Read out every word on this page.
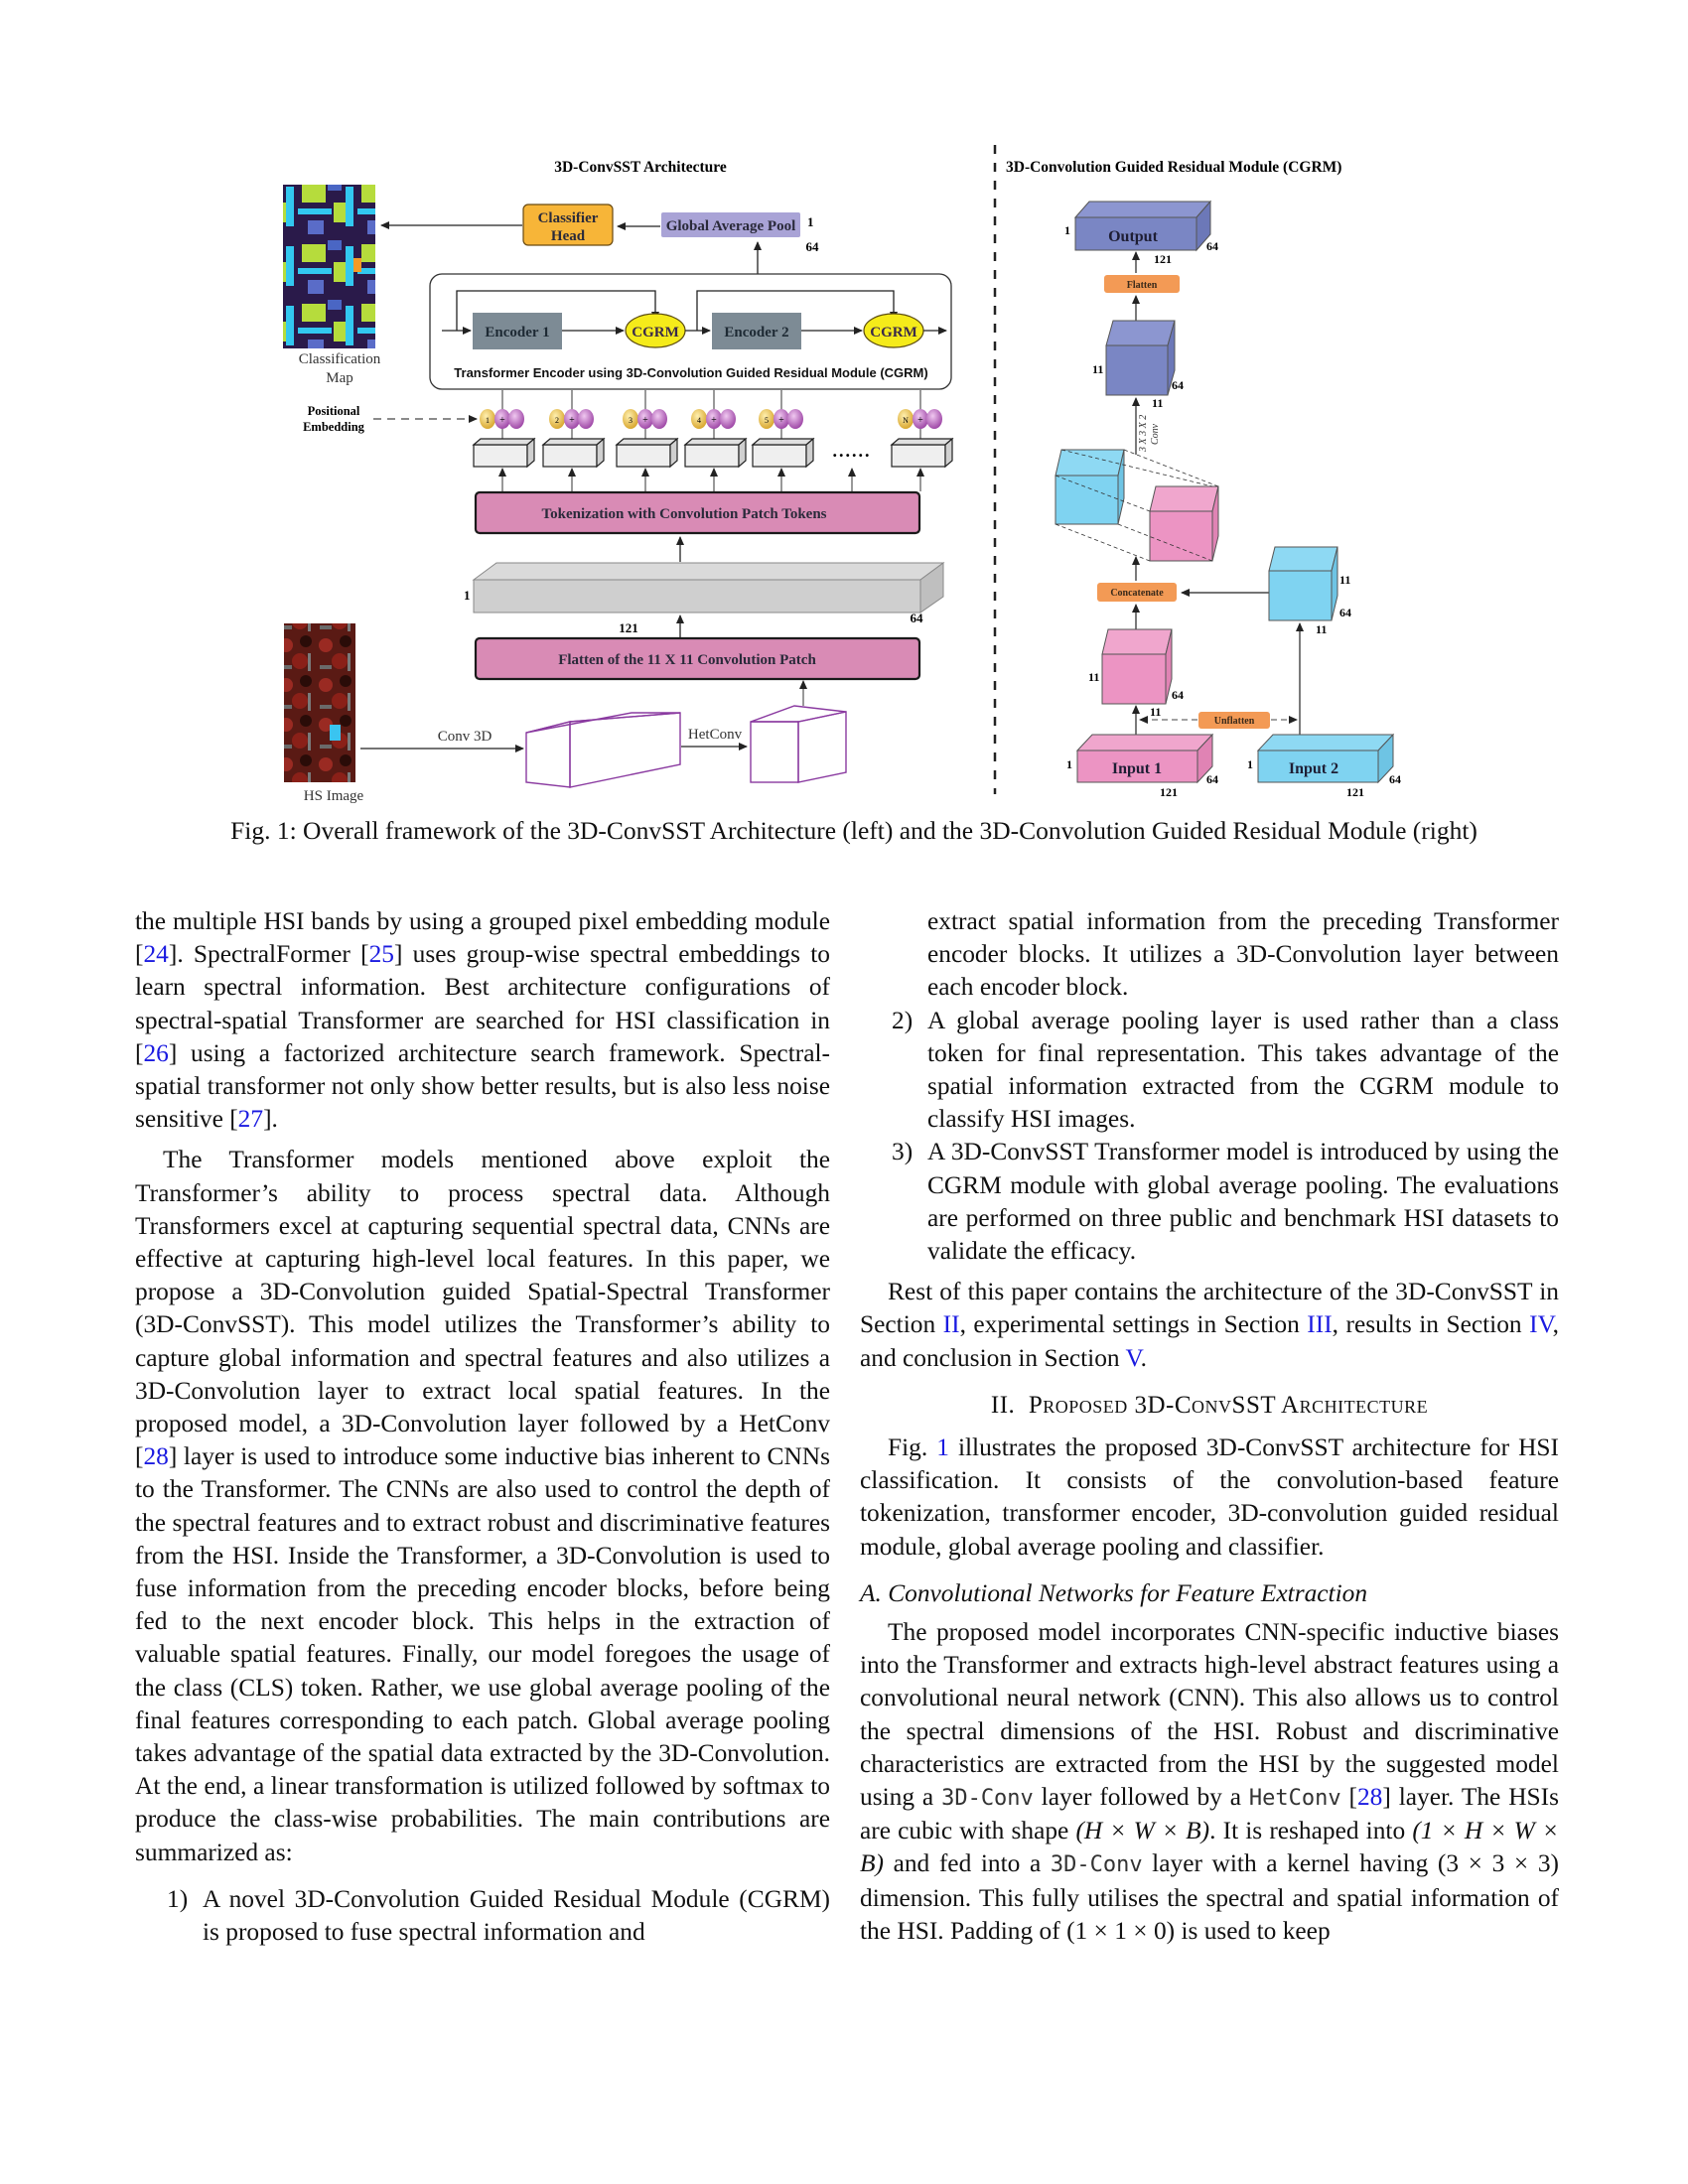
3D-ConvSST Architecture	3D-Convolution Guided Residual Module (CGRM)
Classification
Map
Classifier
Head
Global Average Pool 1
64
Encoder 1	CGRM	Encoder 2	CGRM
Transformer Encoder using 3D-Convolution Guided Residual Module (CGRM)
Positional
Embedding	1 +	2 +	3 +	4 +	5 +
......
N +
Tokenization with Convolution Patch Tokens
1
121
64
Flatten of the 11 X 11 Convolution Patch
HS Image
Conv 3D	HetConv
Output
1
121
64
Flatten
11
64
11
3 X 3 X 2 Conv
Concatenate
11
64
11
11
64
11
Unflatten
Input 1
1
121
64
Input 2
1
121
64
Fig. 1: Overall framework of the 3D-ConvSST Architecture (left) and the 3D-Convolution Guided Residual Module (right)

the multiple HSI bands by using a grouped pixel embedding module [24]. SpectralFormer [25] uses group-wise spectral embeddings to learn spectral information. Best architecture configurations of spectral-spatial Transformer are searched for HSI classification in [26] using a factorized architecture search framework. Spectral-spatial transformer not only show better results, but is also less noise sensitive [27].

The Transformer models mentioned above exploit the Transformer’s ability to process spectral data. Although Transformers excel at capturing sequential spectral data, CNNs are effective at capturing high-level local features. In this paper, we propose a 3D-Convolution guided Spatial-Spectral Transformer (3D-ConvSST). This model utilizes the Transformer’s ability to capture global information and spectral features and also utilizes a 3D-Convolution layer to extract local spatial features. In the proposed model, a 3D-Convolution layer followed by a HetConv [28] layer is used to introduce some inductive bias inherent to CNNs to the Transformer. The CNNs are also used to control the depth of the spectral features and to extract robust and discriminative features from the HSI. Inside the Transformer, a 3D-Convolution is used to fuse information from the preceding encoder blocks, before being fed to the next encoder block. This helps in the extraction of valuable spatial features. Finally, our model foregoes the usage of the class (CLS) token. Rather, we use global average pooling of the final features corresponding to each patch. Global average pooling takes advantage of the spatial data extracted by the 3D-Convolution. At the end, a linear transformation is utilized followed by softmax to produce the class-wise probabilities. The main contributions are summarized as:

1) A novel 3D-Convolution Guided Residual Module (CGRM) is proposed to fuse spectral information and
extract spatial information from the preceding Transformer encoder blocks. It utilizes a 3D-Convolution layer between each encoder block.
2) A global average pooling layer is used rather than a class token for final representation. This takes advantage of the spatial information extracted from the CGRM module to classify HSI images.
3) A 3D-ConvSST Transformer model is introduced by using the CGRM module with global average pooling. The evaluations are performed on three public and benchmark HSI datasets to validate the efficacy.

Rest of this paper contains the architecture of the 3D-ConvSST in Section II, experimental settings in Section III, results in Section IV, and conclusion in Section V.

II. Proposed 3D-ConvSST Architecture

Fig. 1 illustrates the proposed 3D-ConvSST architecture for HSI classification. It consists of the convolution-based feature tokenization, transformer encoder, 3D-convolution guided residual module, global average pooling and classifier.

A. Convolutional Networks for Feature Extraction

The proposed model incorporates CNN-specific inductive biases into the Transformer and extracts high-level abstract features using a convolutional neural network (CNN). This also allows us to control the spectral dimensions of the HSI. Robust and discriminative characteristics are extracted from the HSI by the suggested model using a 3D-Conv layer followed by a HetConv [28] layer. The HSIs are cubic with shape (H × W × B). It is reshaped into (1 × H × W × B) and fed into a 3D-Conv layer with a kernel having (3 × 3 × 3) dimension. This fully utilises the spectral and spatial information of the HSI. Padding of (1 × 1 × 0) is used to keep
